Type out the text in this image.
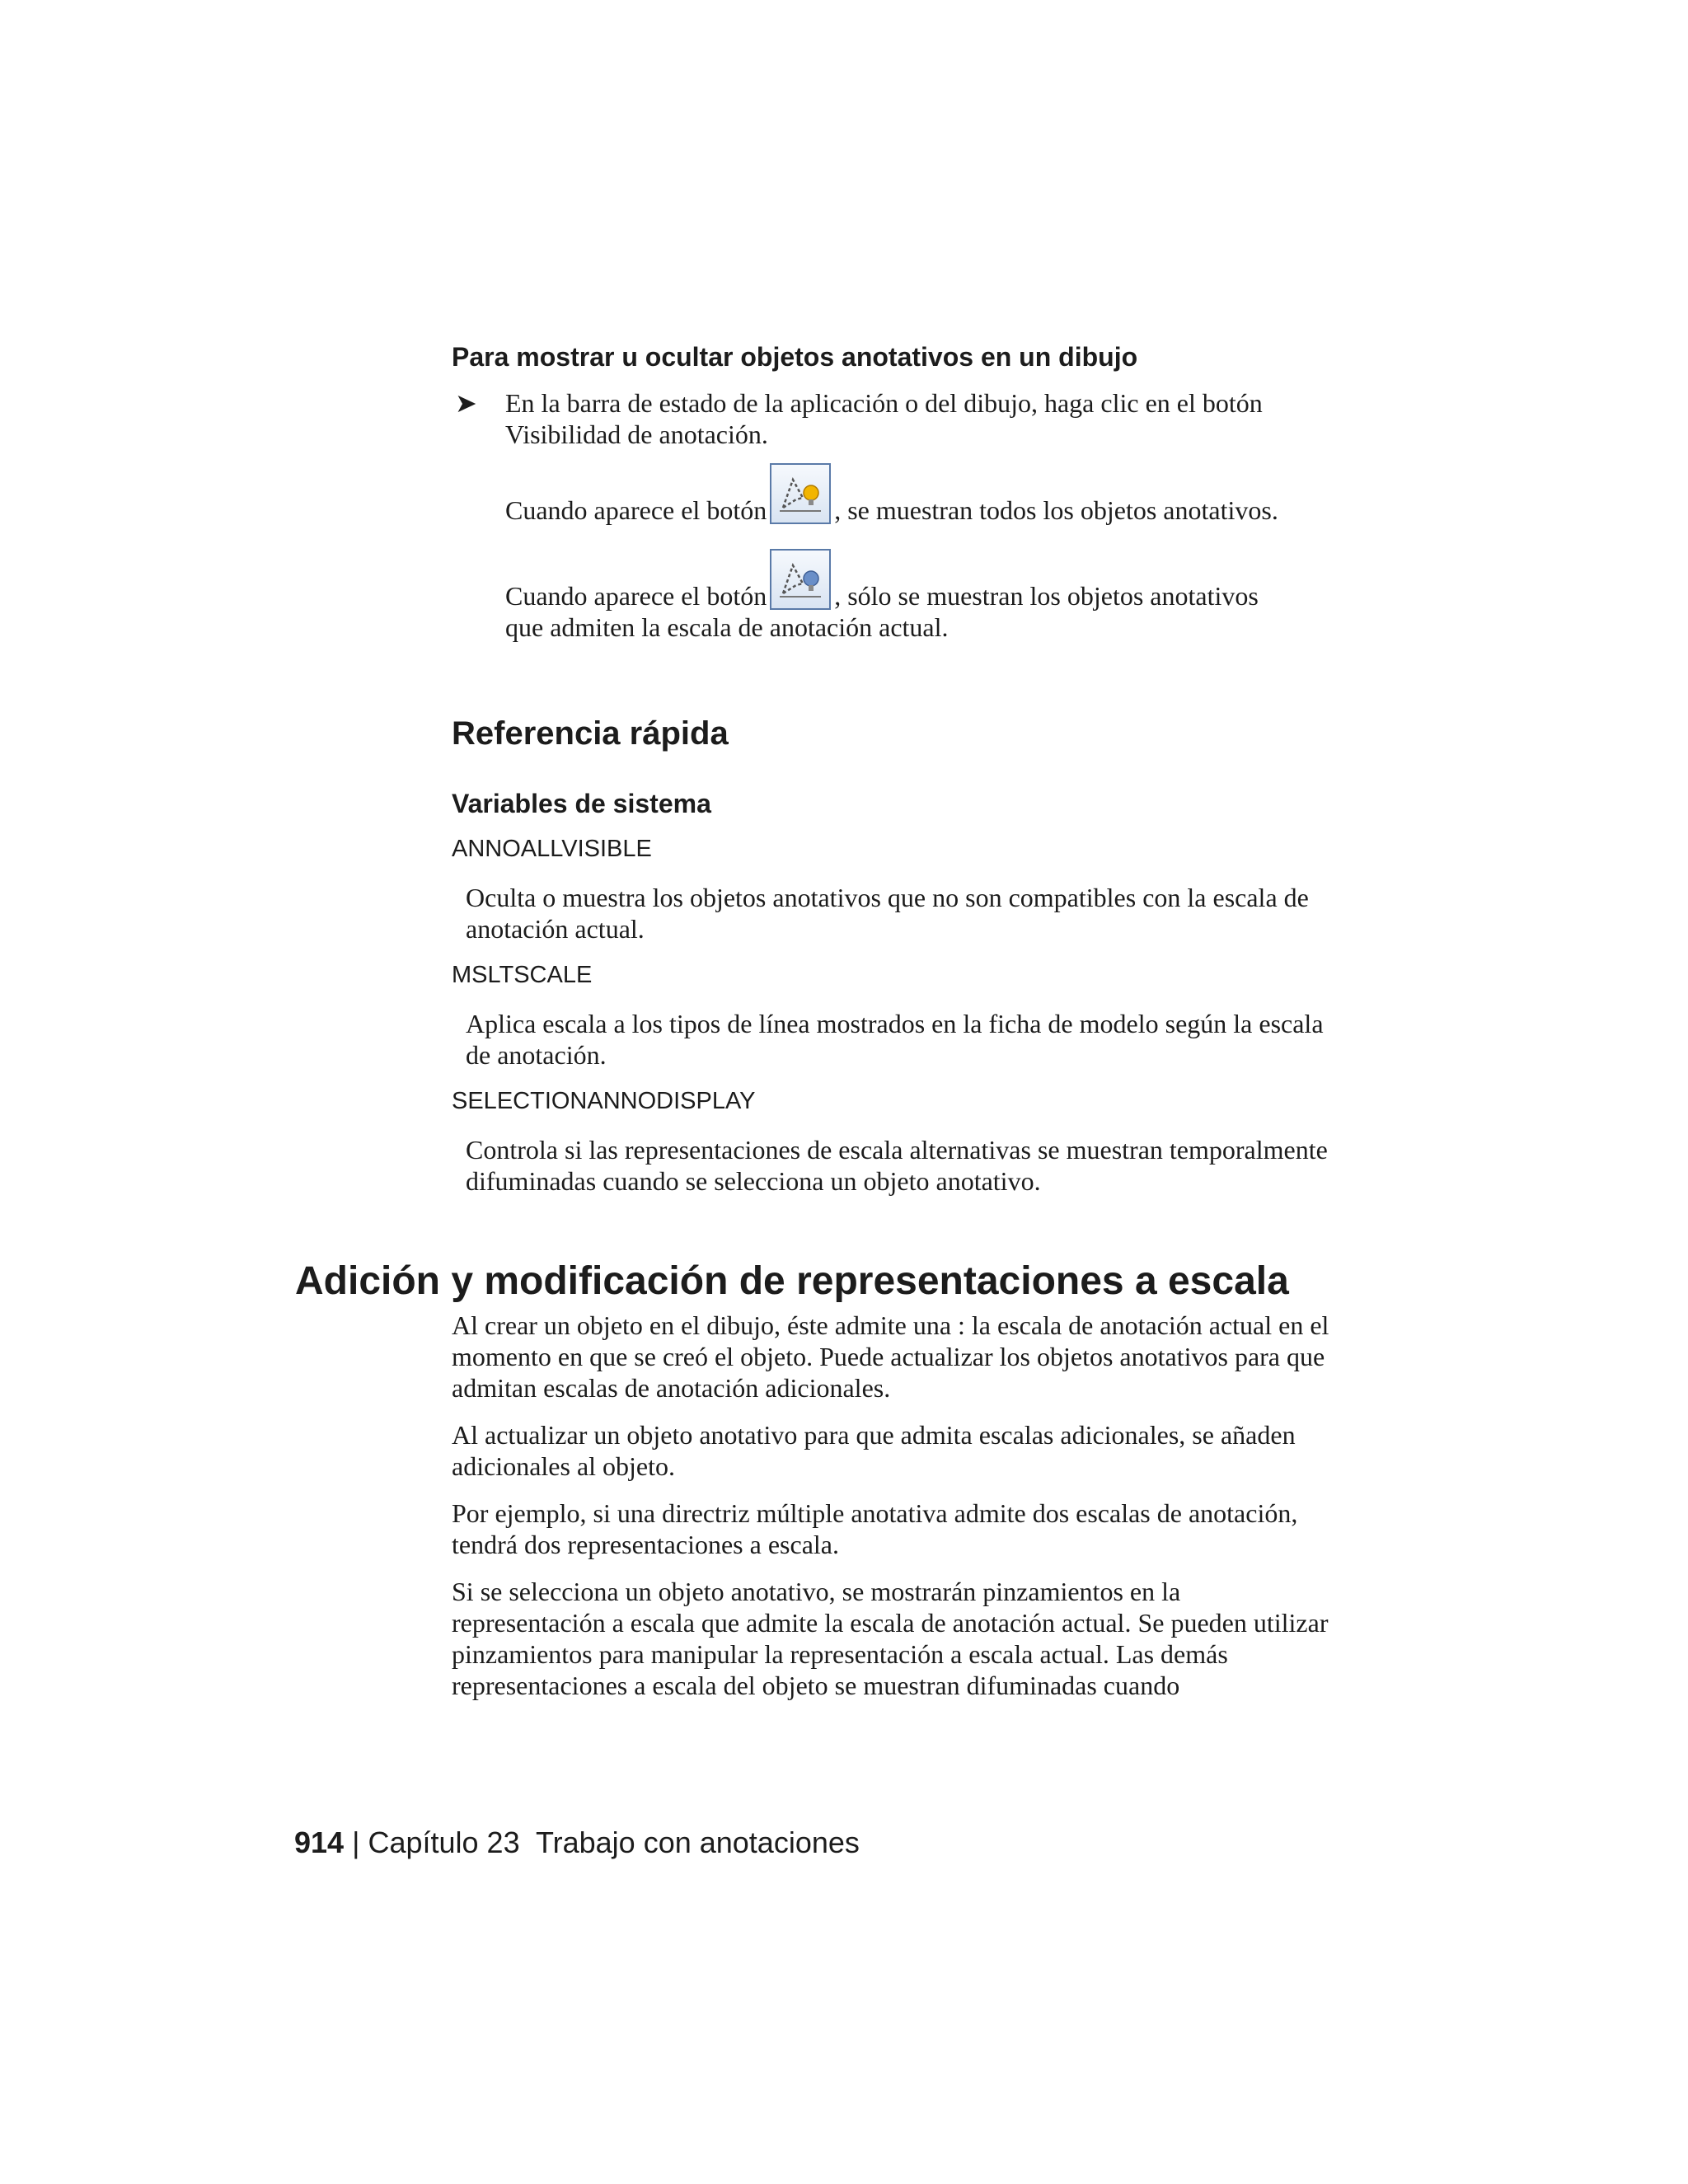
Para mostrar u ocultar objetos anotativos en un dibujo
➤ En la barra de estado de la aplicación o del dibujo, haga clic en el botón Visibilidad de anotación.
Cuando aparece el botón	, se muestran todos los objetos anotativos.
Cuando aparece el botón	, sólo se muestran los objetos anotativos
que admiten la escala de anotación actual.
Referencia rápida
Variables de sistema
ANNOALLVISIBLE
Oculta o muestra los objetos anotativos que no son compatibles con la escala de anotación actual.
MSLTSCALE
Aplica escala a los tipos de línea mostrados en la ficha de modelo según la escala de anotación.
SELECTIONANNODISPLAY
Controla si las representaciones de escala alternativas se muestran temporalmente difuminadas cuando se selecciona un objeto anotativo.
Adición y modificación de representaciones a escala
Al crear un objeto en el dibujo, éste admite una : la escala de anotación actual en el momento en que se creó el objeto. Puede actualizar los objetos anotativos para que admitan escalas de anotación adicionales.
Al actualizar un objeto anotativo para que admita escalas adicionales, se añaden adicionales al objeto.
Por ejemplo, si una directriz múltiple anotativa admite dos escalas de anotación, tendrá dos representaciones a escala.
Si se selecciona un objeto anotativo, se mostrarán pinzamientos en la representación a escala que admite la escala de anotación actual. Se pueden utilizar pinzamientos para manipular la representación a escala actual. Las demás representaciones a escala del objeto se muestran difuminadas cuando
914 | Capítulo 23 Trabajo con anotaciones
